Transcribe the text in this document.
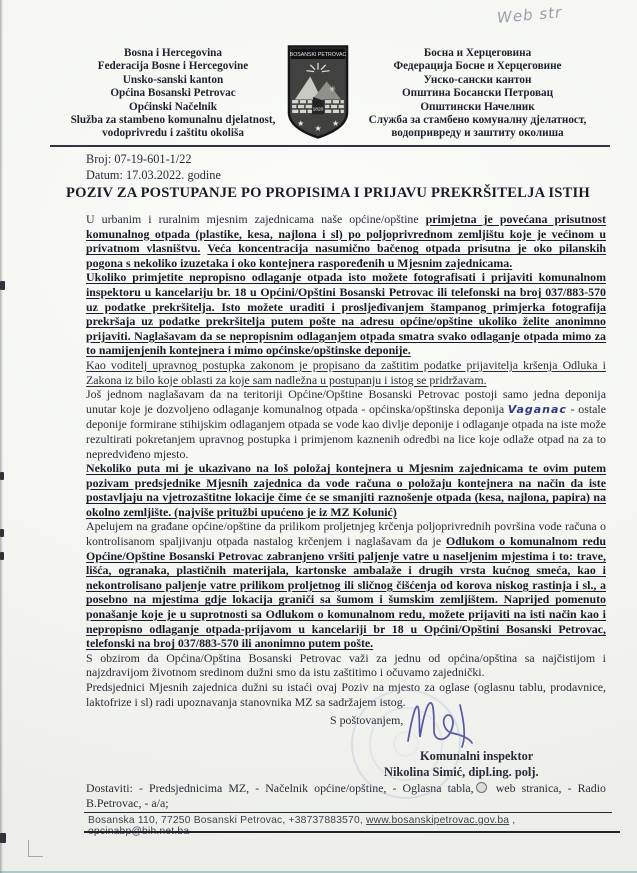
Web str
Bosna i Hercegovina
Federacija Bosne i Hercegovine
Unsko-sanski kanton
Općina Bosanski Petrovac
Općinski Načelnik
Služba za stambeno komunalnu djelatnost,
vodoprivredu i zaštitu okoliša
BOSANSKI PETROVAC
✳
1820
★
★
★
Босна и Херцеговина
Федерација Босне и Херцеговине
Унско-сански кантон
Општина Босански Петровац
Општински Начелник
Служба за стамбено комуналну дјелатност,
водопривреду и заштиту околиша
Broj: 07-19-601-1/22
Datum: 17.03.2022. godine
POZIV ZA POSTUPANJE PO PROPISIMA I PRIJAVU PREKRŠITELJA ISTIH

U urbanim i ruralnim mjesnim zajednicama naše općine/opštine primjetna je povećana prisutnost komunalnog otpada (plastike, kesa, najlona i sl) po poljoprivrednom zemljištu koje je većinom u privatnom vlasništvu. Veća koncentracija nasumično bačenog otpada prisutna je oko pilanskih pogona s nekoliko izuzetaka i oko kontejnera raspoređenih u Mjesnim zajednicama.

Ukoliko primjetite nepropisno odlaganje otpada isto možete fotografisati i prijaviti komunalnom inspektoru u kancelariju br. 18 u Općini/Opštini Bosanski Petrovac ili telefonski na broj 037/883-570 uz podatke prekršitelja. Isto možete uraditi i prosljeđivanjem štampanog primjerka fotografija prekršaja uz podatke prekršitelja putem pošte na adresu općine/opštine ukoliko želite anonimno prijaviti. Naglašavam da se nepropisnim odlaganjem otpada smatra svako odlaganje otpada mimo za to namijenjenih kontejnera i mimo općinske/opštinske deponije.

Kao voditelj upravnog postupka zakonom je propisano da zaštitim podatke prijavitelja kršenja Odluka i Zakona iz bilo koje oblasti za koje sam nadležna u postupanju i istog se pridržavam.

Još jednom naglašavam da na teritoriji Općine/Opštine Bosanski Petrovac postoji samo jedna deponija unutar koje je dozvoljeno odlaganje komunalnog otpada - općinska/opštinska deponija Vaganac - ostale deponije formirane stihijskim odlaganjem otpada se vode kao divlje deponije i odlaganje otpada na iste može rezultirati pokretanjem upravnog postupka i primjenom kaznenih odredbi na lice koje odlaže otpad na za to nepredviđeno mjesto.

Nekoliko puta mi je ukazivano na loš položaj kontejnera u Mjesnim zajednicama te ovim putem pozivam predsjednike Mjesnih zajednica da vode računa o položaju kontejnera na način da iste postavljaju na vjetrozaštitne lokacije čime će se smanjiti raznošenje otpada (kesa, najlona, papira) na okolno zemljište. (najviše pritužbi upućeno je iz MZ Kolunić)

Apelujem na građane općine/opštine da prilikom proljetnjeg krčenja poljoprivrednih površina vode računa o kontrolisanom spaljivanju otpada nastalog krčenjem i naglašavam da je Odlukom o komunalnom redu Općine/Opštine Bosanski Petrovac zabranjeno vršiti paljenje vatre u naseljenim mjestima i to: trave, lišća, ogranaka, plastičnih materijala, kartonske ambalaže i drugih vrsta kućnog smeća, kao i nekontrolisano paljenje vatre prilikom proljetnog ili sličnog čišćenja od korova niskog rastinja i sl., a posebno na mjestima gdje lokacija graniči sa šumom i šumskim zemljištem. Naprijed pomenuto ponašanje koje je u suprotnosti sa Odlukom o komunalnom redu, možete prijaviti na isti način kao i nepropisno odlaganje otpada-prijavom u kancelariji br 18 u Općini/Opštini Bosanski Petrovac, telefonski na broj 037/883-570 ili anonimno putem pošte.

S obzirom da Općina/Opština Bosanski Petrovac važi za jednu od općina/opština sa najčistijom i najzdravijom životnom sredinom dužni smo da istu zaštitimo i očuvamo zajednički.

Predsjednici Mjesnih zajednica dužni su istaći ovaj Poziv na mjesto za oglase (oglasnu tablu, prodavnice, laktofrize i sl) radi upoznavanja stanovnika MZ sa sadržajem istog.

S poštovanjem,
Komunalni inspektor
Nikolina Simić, dipl.ing. polj.

Dostaviti: - Predsjednicima MZ, - Načelnik općine/opštine, - Oglasna tabla, web stranica, - Radio B.Petrovac, - a/a;

Bosanska 110, 77250 Bosanski Petrovac, +38737883570, www.bosanskipetrovac.gov.ba , opcinabp@bih.net.ba
